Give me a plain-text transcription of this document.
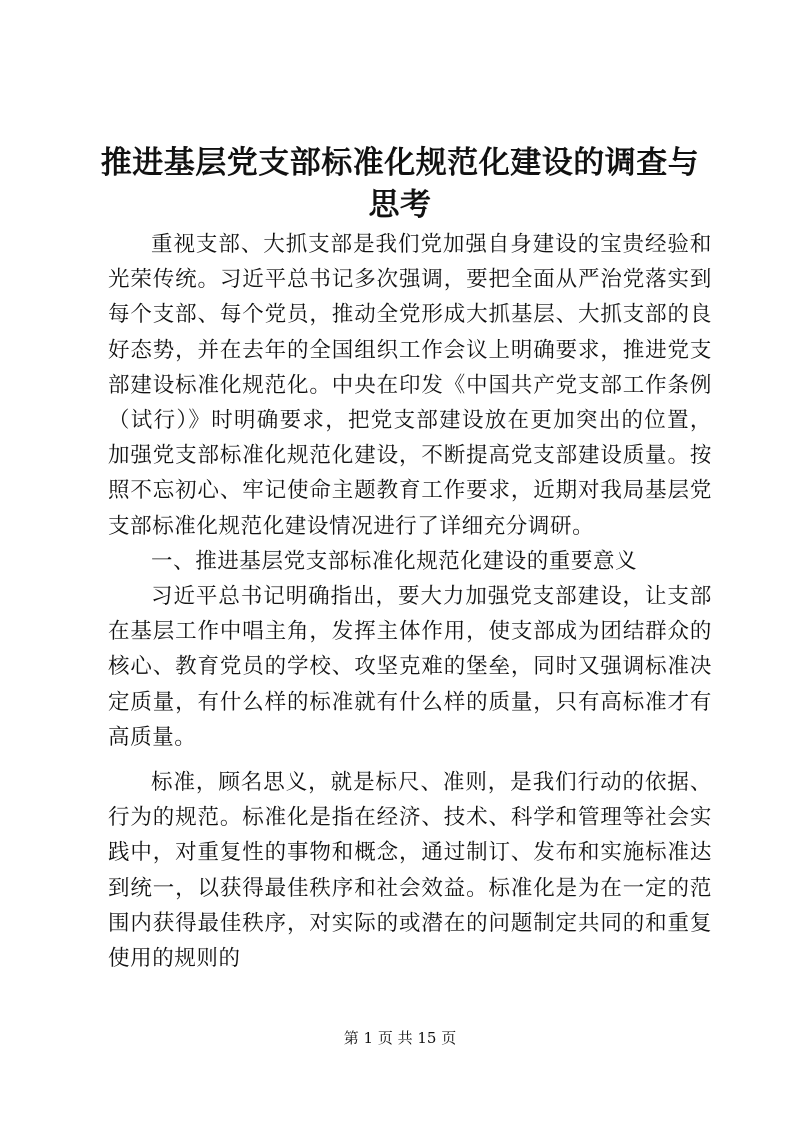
推进基层党支部标准化规范化建设的调查与思考

重视支部、大抓支部是我们党加强自身建设的宝贵经验和光荣传统。习近平总书记多次强调，要把全面从严治党落实到每个支部、每个党员，推动全党形成大抓基层、大抓支部的良好态势，并在去年的全国组织工作会议上明确要求，推进党支部建设标准化规范化。中央在印发《中国共产党支部工作条例（试行）》时明确要求，把党支部建设放在更加突出的位置，加强党支部标准化规范化建设，不断提高党支部建设质量。按照不忘初心、牢记使命主题教育工作要求，近期对我局基层党支部标准化规范化建设情况进行了详细充分调研。

一、推进基层党支部标准化规范化建设的重要意义

习近平总书记明确指出，要大力加强党支部建设，让支部在基层工作中唱主角，发挥主体作用，使支部成为团结群众的核心、教育党员的学校、攻坚克难的堡垒，同时又强调标准决定质量，有什么样的标准就有什么样的质量，只有高标准才有高质量。

标准，顾名思义，就是标尺、准则，是我们行动的依据、行为的规范。标准化是指在经济、技术、科学和管理等社会实践中，对重复性的事物和概念，通过制订、发布和实施标准达到统一，以获得最佳秩序和社会效益。标准化是为在一定的范围内获得最佳秩序，对实际的或潜在的问题制定共同的和重复使用的规则的

第 1 页 共 15 页
